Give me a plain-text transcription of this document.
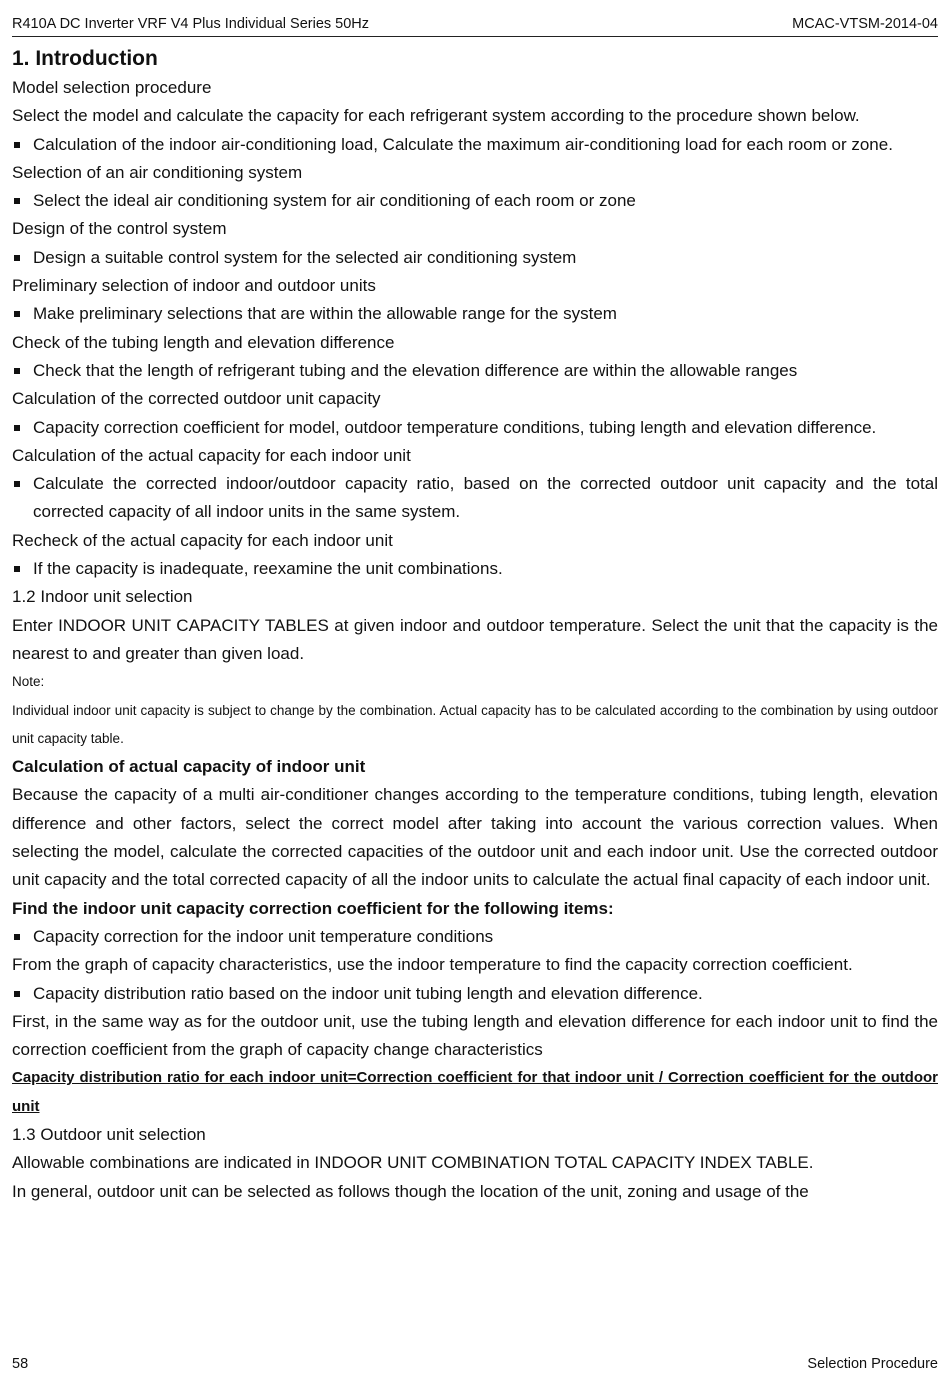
R410A DC Inverter VRF V4 Plus Individual Series 50Hz	MCAC-VTSM-2014-04

1. Introduction

Model selection procedure

Select the model and calculate the capacity for each refrigerant system according to the procedure shown below.

Calculation of the indoor air-conditioning load, Calculate the maximum air-conditioning load for each room or zone.

Selection of an air conditioning system

Select the ideal air conditioning system for air conditioning of each room or zone

Design of the control system

Design a suitable control system for the selected air conditioning system

Preliminary selection of indoor and outdoor units

Make preliminary selections that are within the allowable range for the system

Check of the tubing length and elevation difference

Check that the length of refrigerant tubing and the elevation difference are within the allowable ranges

Calculation of the corrected outdoor unit capacity

Capacity correction coefficient for model, outdoor temperature conditions, tubing length and elevation difference.

Calculation of the actual capacity for each indoor unit

Calculate the corrected indoor/outdoor capacity ratio, based on the corrected outdoor unit capacity and the total corrected capacity of all indoor units in the same system.

Recheck of the actual capacity for each indoor unit

If the capacity is inadequate, reexamine the unit combinations.

1.2 Indoor unit selection

Enter INDOOR UNIT CAPACITY TABLES at given indoor and outdoor temperature. Select the unit that the capacity is the nearest to and greater than given load.

Note:

Individual indoor unit capacity is subject to change by the combination. Actual capacity has to be calculated according to the combination by using outdoor unit capacity table.

Calculation of actual capacity of indoor unit

Because the capacity of a multi air-conditioner changes according to the temperature conditions, tubing length, elevation difference and other factors, select the correct model after taking into account the various correction values. When selecting the model, calculate the corrected capacities of the outdoor unit and each indoor unit. Use the corrected outdoor unit capacity and the total corrected capacity of all the indoor units to calculate the actual final capacity of each indoor unit.

Find the indoor unit capacity correction coefficient for the following items:

Capacity correction for the indoor unit temperature conditions

From the graph of capacity characteristics, use the indoor temperature to find the capacity correction coefficient.

Capacity distribution ratio based on the indoor unit tubing length and elevation difference.

First, in the same way as for the outdoor unit, use the tubing length and elevation difference for each indoor unit to find the correction coefficient from the graph of capacity change characteristics

Capacity distribution ratio for each indoor unit=Correction coefficient for that indoor unit / Correction coefficient for the outdoor unit

1.3 Outdoor unit selection

Allowable combinations are indicated in INDOOR UNIT COMBINATION TOTAL CAPACITY INDEX TABLE.

In general, outdoor unit can be selected as follows though the location of the unit, zoning and usage of the

58	Selection Procedure
